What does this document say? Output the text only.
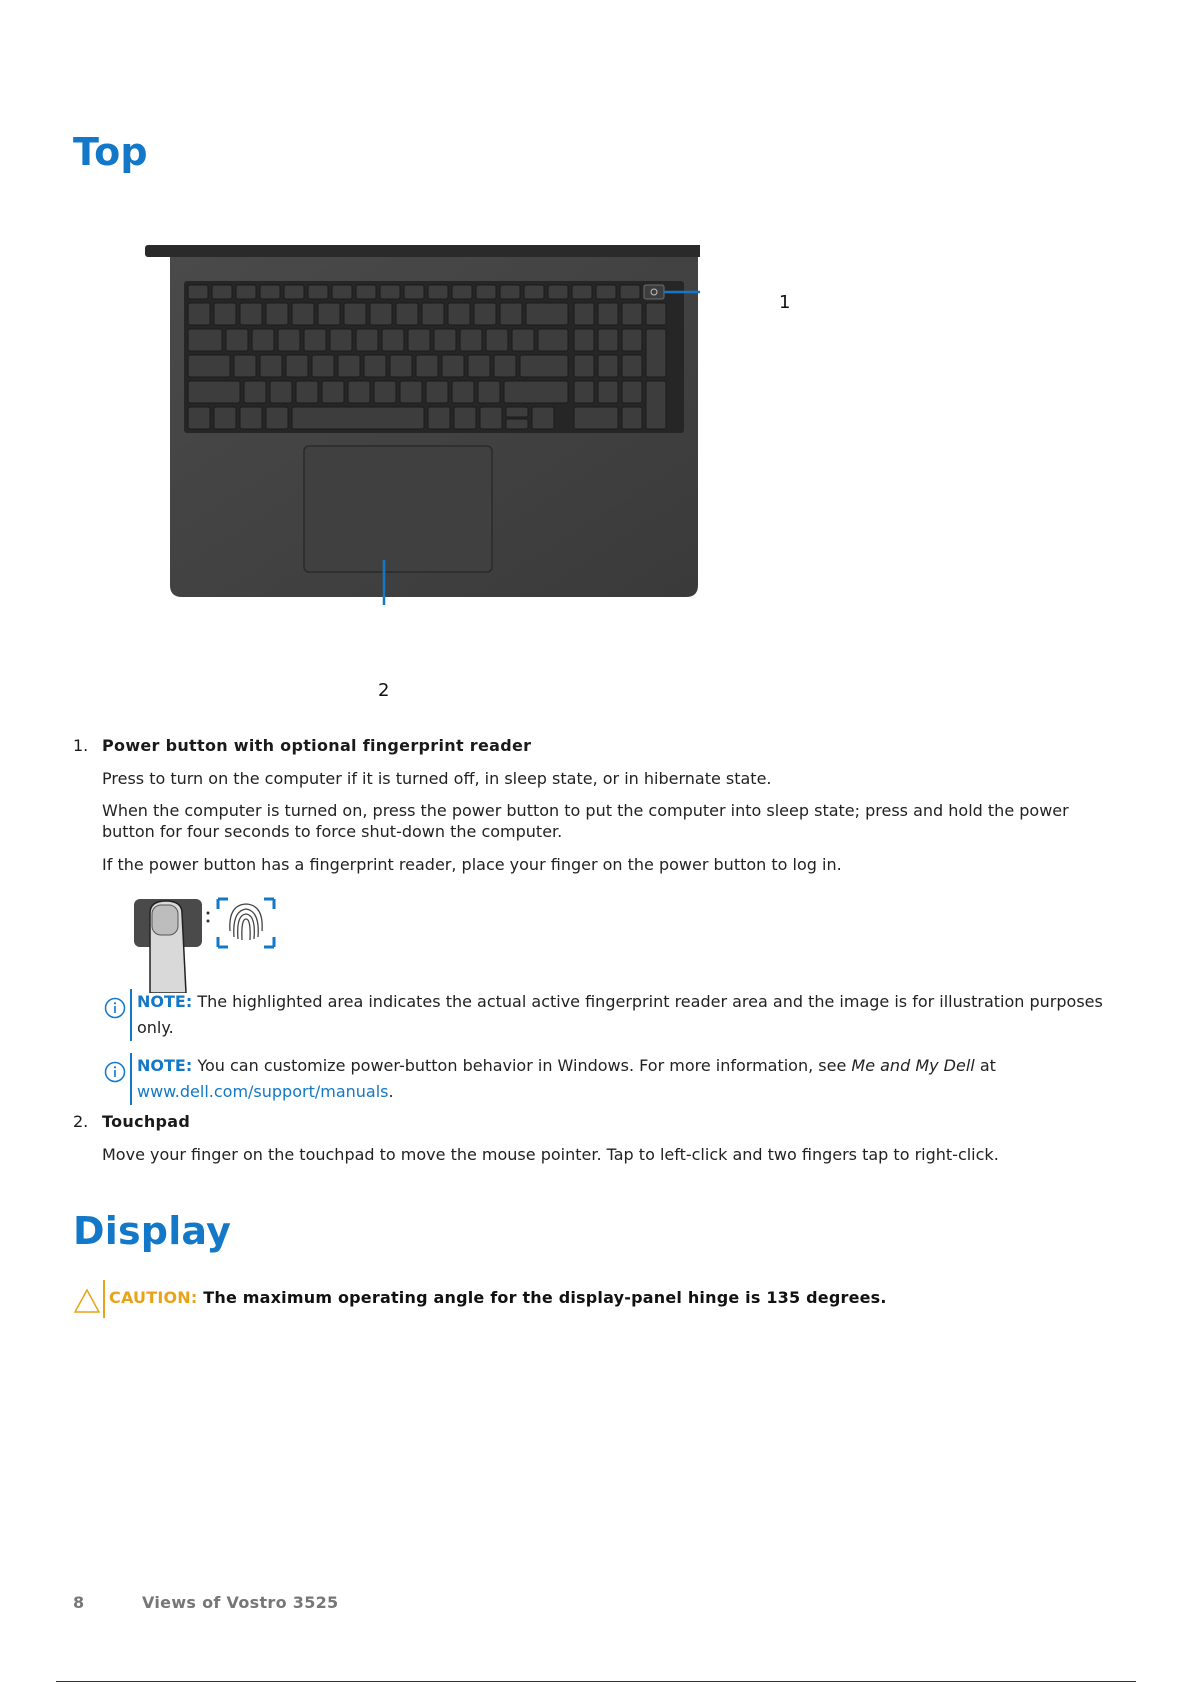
Top
1
2
1. Power button with optional fingerprint reader
Press to turn on the computer if it is turned off, in sleep state, or in hibernate state.
When the computer is turned on, press the power button to put the computer into sleep state; press and hold the power button for four seconds to force shut-down the computer.
If the power button has a fingerprint reader, place your finger on the power button to log in.
NOTE: The highlighted area indicates the actual active fingerprint reader area and the image is for illustration purposes only.
NOTE: You can customize power-button behavior in Windows. For more information, see Me and My Dell at www.dell.com/support/manuals.
2. Touchpad
Move your finger on the touchpad to move the mouse pointer. Tap to left-click and two fingers tap to right-click.
Display
CAUTION: The maximum operating angle for the display-panel hinge is 135 degrees.
8	Views of Vostro 3525
